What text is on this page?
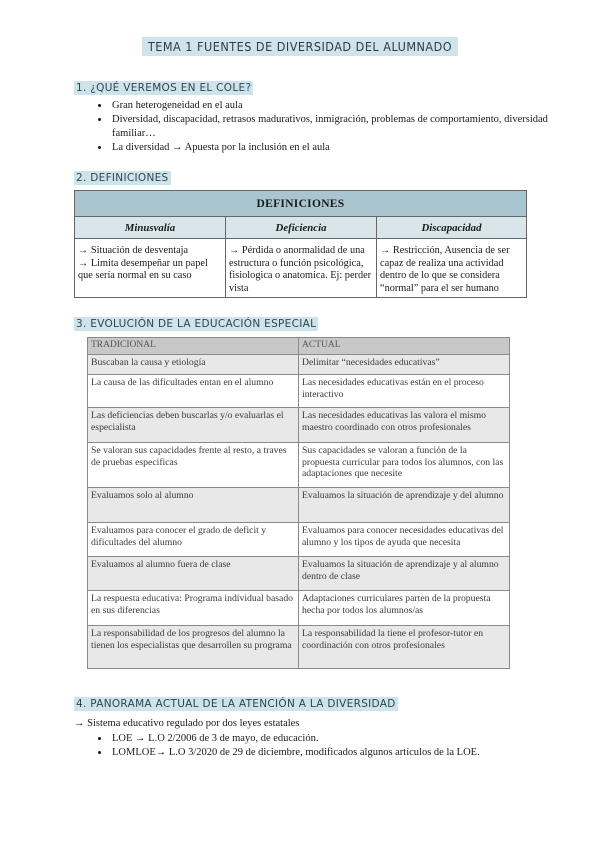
TEMA 1 FUENTES DE DIVERSIDAD DEL ALUMNADO
1. ¿QUÉ VEREMOS EN EL COLE?
• Gran heterogeneidad en el aula
• Diversidad, discapacidad, retrasos madurativos, inmigración, problemas de comportamiento, diversidad familiar…
• La diversidad → Apuesta por la inclusión en el aula
2. DEFINICIONES
DEFINICIONES		
Minusvalía	Deficiencia	Discapacidad
→ Situación de desventaja
→ Limita desempeñar un papel que sería normal en su caso	→ Pérdida o anormalidad de una estructura o función psicológica, fisiologica o anatomica. Ej: perder vista	→ Restricción, Ausencia de ser capaz de realiza una actividad dentro de lo que se considera “normal” para el ser humano
3. EVOLUCIÓN DE LA EDUCACIÓN ESPECIAL
TRADICIONAL	ACTUAL
Buscaban la causa y etiología	Delimitar “necesidades educativas”
La causa de las dificultades entan en el alumno	Las necesidades educativas están en el proceso interactivo
Las deficiencias deben buscarlas y/o evaluarlas el especialista	Las necesidades educativas las valora el mismo maestro coordinado con otros profesionales
Se valoran sus capacidades frente al resto, a traves de pruebas especificas	Sus capacidades se valoran a función de la propuesta curricular para todos los alumnos, con las adaptaciones que necesite
Evaluamos solo al alumno	Evaluamos la situación de aprendizaje y del alumno
Evaluamos para conocer el grado de deficit y dificultades del alumno	Evaluamos para conocer necesidades educativas del alumno y los tipos de ayuda que necesita
Evaluamos al alumno fuera de clase	Evaluamos la situación de aprendizaje y al alumno dentro de clase
La respuesta educativa: Programa individual basado en sus diferencias	Adaptaciones curriculares parten de la propuesta hecha por todos los alumnos/as
La responsabilidad de los progresos del alumno la tienen los especialistas que desarrollen su programa	La responsabilidad la tiene el profesor-tutor en coordinación con otros profesionales
4. PANORAMA ACTUAL DE LA ATENCIÓN A LA DIVERSIDAD
→ Sistema educativo regulado por dos leyes estatales
• LOE → L.O 2/2006 de 3 de mayo, de educación.
• LOMLOE→ L.O 3/2020 de 29 de diciembre, modificados algunos artículos de la LOE.
